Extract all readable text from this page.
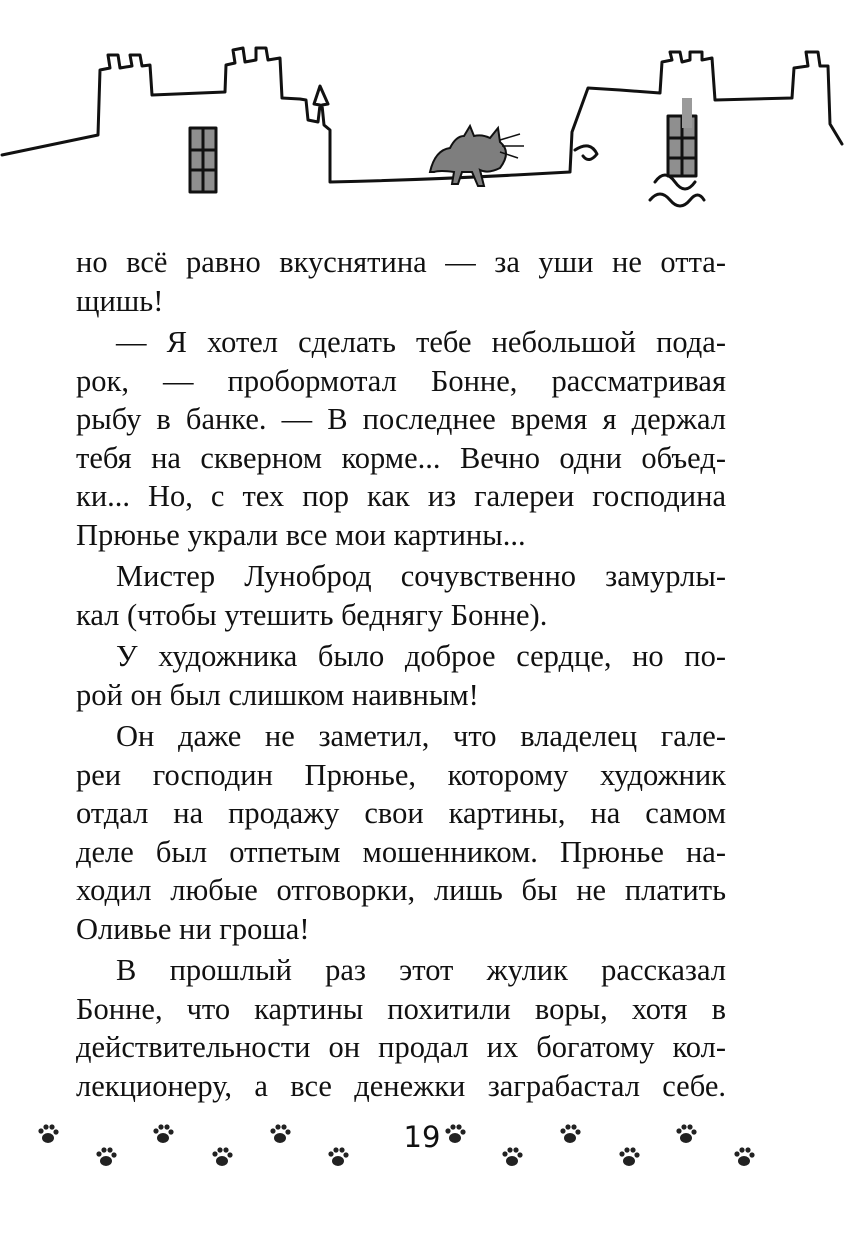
но всё равно вкуснятина — за уши не отта-
щишь!

— Я хотел сделать тебе небольшой пода-
рок, — пробормотал Бонне, рассматривая
рыбу в банке. — В последнее время я держал
тебя на скверном корме... Вечно одни объед-
ки... Но, с тех пор как из галереи господина
Прюнье украли все мои картины...

Мистер Луноброд сочувственно замурлы-
кал (чтобы утешить беднягу Бонне).

У художника было доброе сердце, но по-
рой он был слишком наивным!

Он даже не заметил, что владелец гале-
реи господин Прюнье, которому художник
отдал на продажу свои картины, на самом
деле был отпетым мошенником. Прюнье на-
ходил любые отговорки, лишь бы не платить
Оливье ни гроша!

В прошлый раз этот жулик рассказал
Бонне, что картины похитили воры, хотя в
действительности он продал их богатому кол-
лекционеру, а все денежки заграбастал себе.

19
